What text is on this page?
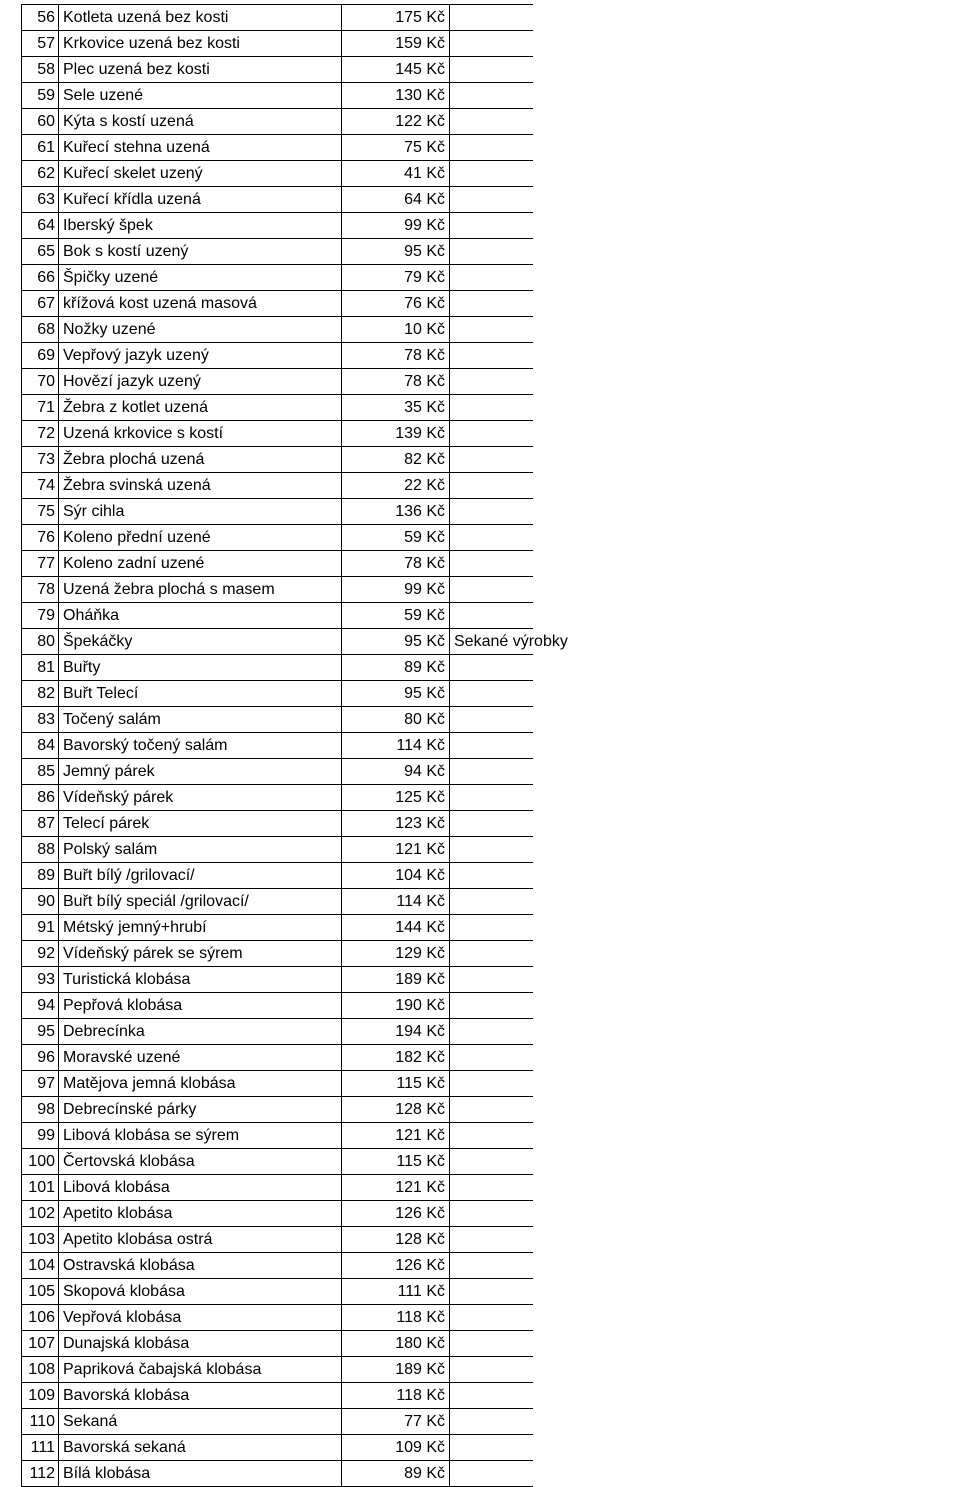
56	Kotleta uzená bez kosti	175 Kč	
57	Krkovice uzená bez kosti	159 Kč	
58	Plec uzená bez kosti	145 Kč	
59	Sele uzené	130 Kč	
60	Kýta s kostí uzená	122 Kč	
61	Kuřecí stehna uzená	75 Kč	
62	Kuřecí skelet uzený	41 Kč	
63	Kuřecí křídla uzená	64 Kč	
64	Iberský špek	99 Kč	
65	Bok s kostí uzený	95 Kč	
66	Špičky uzené	79 Kč	
67	křížová kost uzená masová	76 Kč	
68	Nožky uzené	10 Kč	
69	Vepřový jazyk uzený	78 Kč	
70	Hovězí jazyk uzený	78 Kč	
71	Žebra z kotlet uzená	35 Kč	
72	Uzená krkovice s kostí	139 Kč	
73	Žebra plochá uzená	82 Kč	
74	Žebra svinská uzená	22 Kč	
75	Sýr cihla	136 Kč	
76	Koleno přední uzené	59 Kč	
77	Koleno zadní uzené	78 Kč	
78	Uzená žebra plochá s masem	99 Kč	
79	Oháňka	59 Kč	
80	Špekáčky	95 Kč	Sekané výrobky
81	Buřty	89 Kč	
82	Buřt Telecí	95 Kč	
83	Točený salám	80 Kč	
84	Bavorský točený salám	114 Kč	
85	Jemný párek	94 Kč	
86	Vídeňský párek	125 Kč	
87	Telecí párek	123 Kč	
88	Polský salám	121 Kč	
89	Buřt bílý /grilovací/	104 Kč	
90	Buřt bílý speciál /grilovací/	114 Kč	
91	Métský jemný+hrubí	144 Kč	
92	Vídeňský párek se sýrem	129 Kč	
93	Turistická klobása	189 Kč	
94	Pepřová klobása	190 Kč	
95	Debrecínka	194 Kč	
96	Moravské uzené	182 Kč	
97	Matějova jemná klobása	115 Kč	
98	Debrecínské párky	128 Kč	
99	Libová klobása se sýrem	121 Kč	
100	Čertovská klobása	115 Kč	
101	Libová klobása	121 Kč	
102	Apetito klobása	126 Kč	
103	Apetito klobása ostrá	128 Kč	
104	Ostravská klobása	126 Kč	
105	Skopová klobása	111 Kč	
106	Vepřová klobása	118 Kč	
107	Dunajská klobása	180 Kč	
108	Papriková čabajská klobása	189 Kč	
109	Bavorská klobása	118 Kč	
110	Sekaná	77 Kč	
111	Bavorská sekaná	109 Kč	
112	Bílá klobása	89 Kč	
